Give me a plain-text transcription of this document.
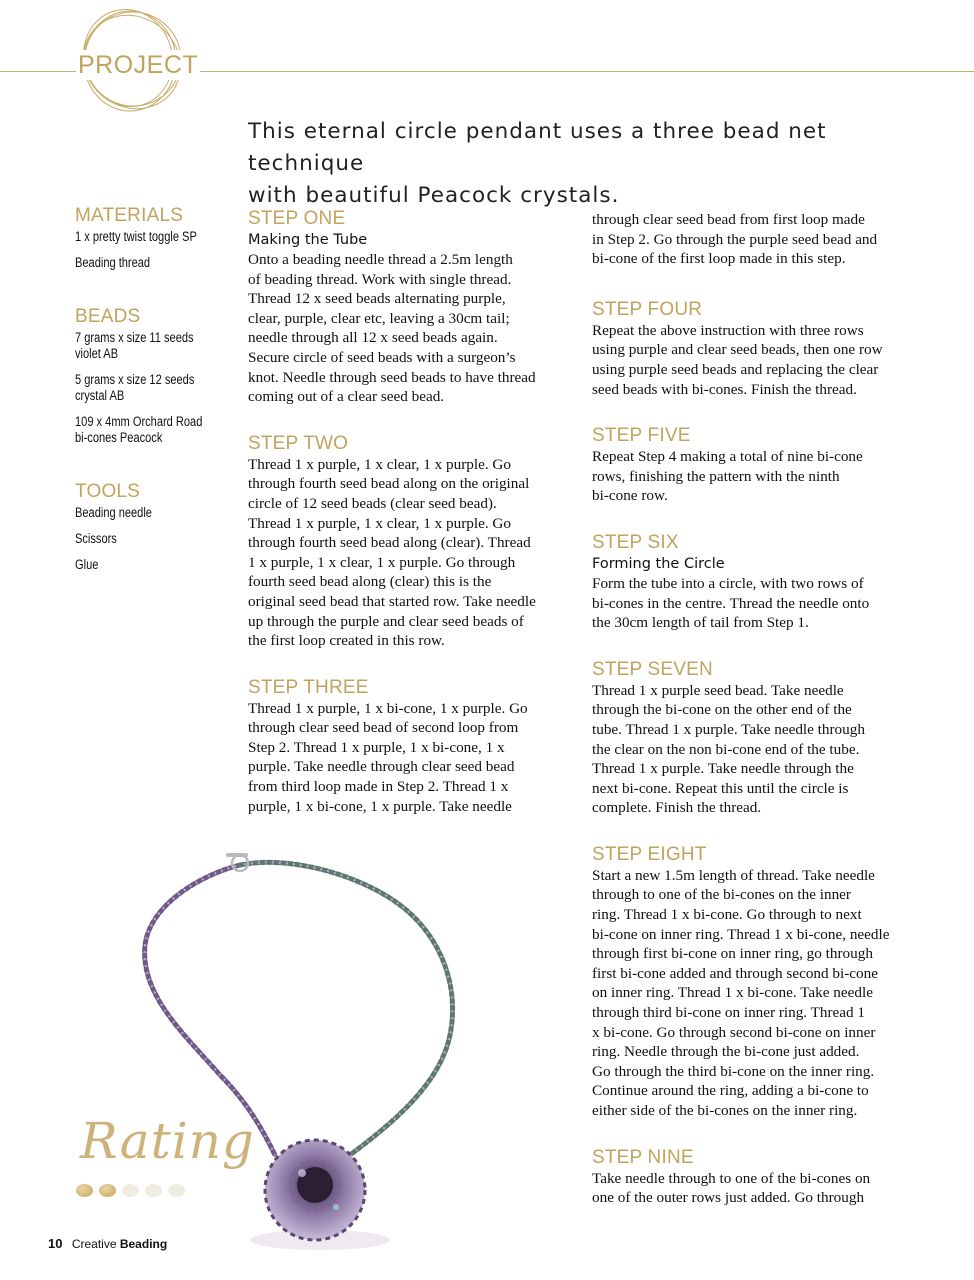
PROJECT
This eternal circle pendant uses a three bead net technique
with beautiful Peacock crystals.
MATERIALS
1 x pretty twist toggle SP
Beading thread
BEADS
7 grams x size 11 seeds
violet AB
5 grams x size 12 seeds
crystal AB
109 x 4mm Orchard Road
bi-cones Peacock
TOOLS
Beading needle
Scissors
Glue
STEP ONE
Making the Tube
Onto a beading needle thread a 2.5m length
of beading thread. Work with single thread.
Thread 12 x seed beads alternating purple,
clear, purple, clear etc, leaving a 30cm tail;
needle through all 12 x seed beads again.
Secure circle of seed beads with a surgeon’s
knot. Needle through seed beads to have thread
coming out of a clear seed bead.
STEP TWO
Thread 1 x purple, 1 x clear, 1 x purple. Go
through fourth seed bead along on the original
circle of 12 seed beads (clear seed bead).
Thread 1 x purple, 1 x clear, 1 x purple. Go
through fourth seed bead along (clear). Thread
1 x purple, 1 x clear, 1 x purple. Go through
fourth seed bead along (clear) this is the
original seed bead that started row. Take needle
up through the purple and clear seed beads of
the first loop created in this row.
STEP THREE
Thread 1 x purple, 1 x bi-cone, 1 x purple. Go
through clear seed bead of second loop from
Step 2. Thread 1 x purple, 1 x bi-cone, 1 x
purple. Take needle through clear seed bead
from third loop made in Step 2. Thread 1 x
purple, 1 x bi-cone, 1 x purple. Take needle
through clear seed bead from first loop made
in Step 2. Go through the purple seed bead and
bi-cone of the first loop made in this step.
STEP FOUR
Repeat the above instruction with three rows
using purple and clear seed beads, then one row
using purple seed beads and replacing the clear
seed beads with bi-cones. Finish the thread.
STEP FIVE
Repeat Step 4 making a total of nine bi-cone
rows, finishing the pattern with the ninth
bi-cone row.
STEP SIX
Forming the Circle
Form the tube into a circle, with two rows of
bi-cones in the centre. Thread the needle onto
the 30cm length of tail from Step 1.
STEP SEVEN
Thread 1 x purple seed bead. Take needle
through the bi-cone on the other end of the
tube. Thread 1 x purple. Take needle through
the clear on the non bi-cone end of the tube.
Thread 1 x purple. Take needle through the
next bi-cone. Repeat this until the circle is
complete. Finish the thread.
STEP EIGHT
Start a new 1.5m length of thread. Take needle
through to one of the bi-cones on the inner
ring. Thread 1 x bi-cone. Go through to next
bi-cone on inner ring. Thread 1 x bi-cone, needle
through first bi-cone on inner ring, go through
first bi-cone added and through second bi-cone
on inner ring. Thread 1 x bi-cone. Take needle
through third bi-cone on inner ring. Thread 1
x bi-cone. Go through second bi-cone on inner
ring. Needle through the bi-cone just added.
Go through the third bi-cone on the inner ring.
Continue around the ring, adding a bi-cone to
either side of the bi-cones on the inner ring.
STEP NINE
Take needle through to one of the bi-cones on
one of the outer rows just added. Go through
Rating
10 Creative Beading
